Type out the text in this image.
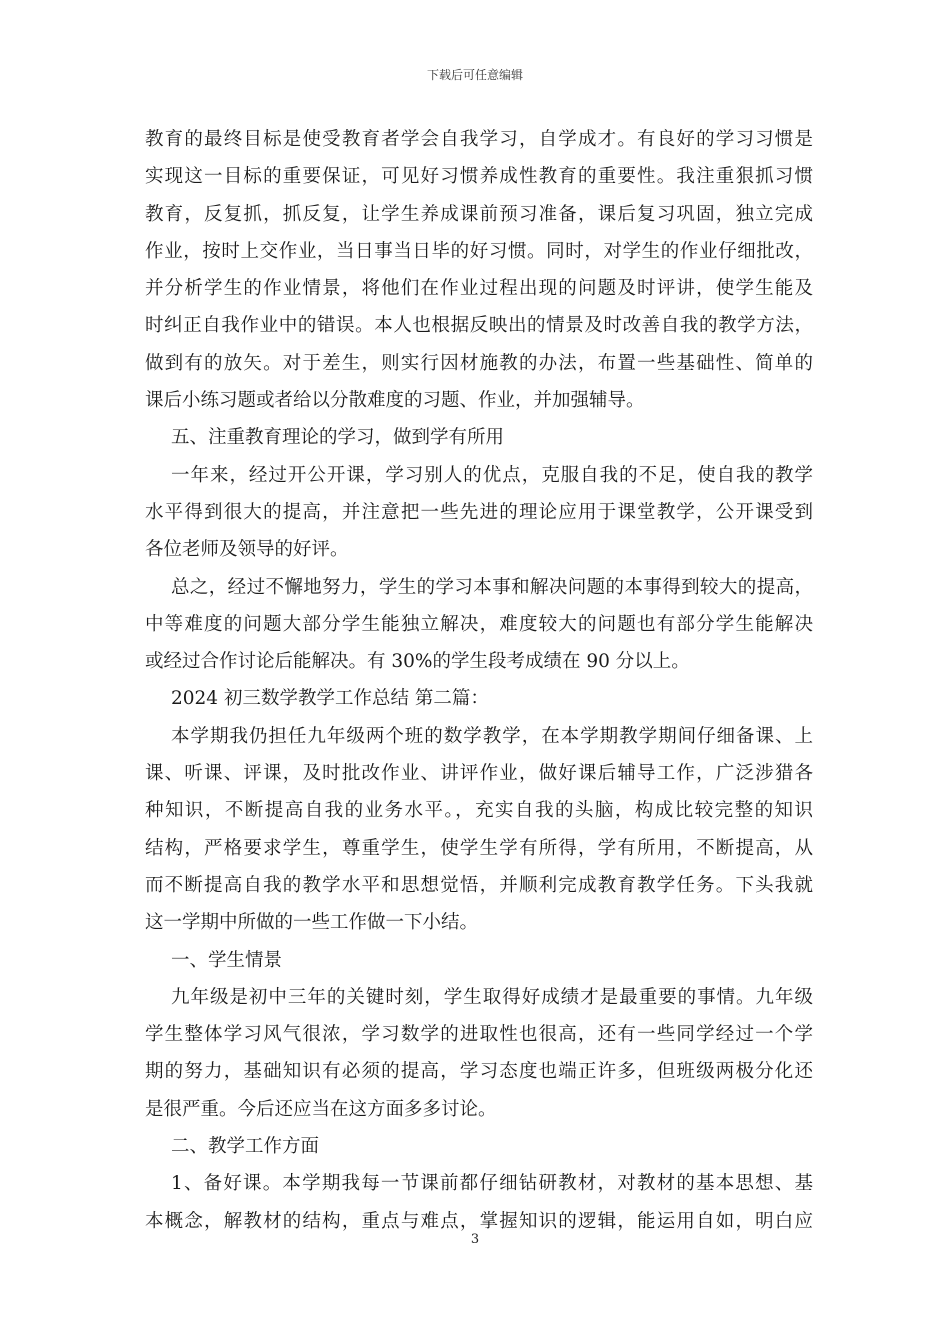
下载后可任意编辑
教育的最终目标是使受教育者学会自我学习，自学成才。有良好的学习习惯是
实现这一目标的重要保证，可见好习惯养成性教育的重要性。我注重狠抓习惯
教育，反复抓，抓反复，让学生养成课前预习准备，课后复习巩固，独立完成
作业，按时上交作业，当日事当日毕的好习惯。同时，对学生的作业仔细批改，
并分析学生的作业情景，将他们在作业过程出现的问题及时评讲，使学生能及
时纠正自我作业中的错误。本人也根据反映出的情景及时改善自我的教学方法，
做到有的放矢。对于差生，则实行因材施教的办法，布置一些基础性、简单的
课后小练习题或者给以分散难度的习题、作业，并加强辅导。
五、注重教育理论的学习，做到学有所用
一年来，经过开公开课，学习别人的优点，克服自我的不足，使自我的教学
水平得到很大的提高，并注意把一些先进的理论应用于课堂教学，公开课受到
各位老师及领导的好评。
总之，经过不懈地努力，学生的学习本事和解决问题的本事得到较大的提高，
中等难度的问题大部分学生能独立解决，难度较大的问题也有部分学生能解决
或经过合作讨论后能解决。有 30%的学生段考成绩在 90 分以上。
2024 初三数学教学工作总结 第二篇：
本学期我仍担任九年级两个班的数学教学，在本学期教学期间仔细备课、上
课、听课、评课，及时批改作业、讲评作业，做好课后辅导工作，广泛涉猎各
种知识，不断提高自我的业务水平。，充实自我的头脑，构成比较完整的知识
结构，严格要求学生，尊重学生，使学生学有所得，学有所用，不断提高，从
而不断提高自我的教学水平和思想觉悟，并顺利完成教育教学任务。下头我就
这一学期中所做的一些工作做一下小结。
一、学生情景
九年级是初中三年的关键时刻，学生取得好成绩才是最重要的事情。九年级
学生整体学习风气很浓，学习数学的进取性也很高，还有一些同学经过一个学
期的努力，基础知识有必须的提高，学习态度也端正许多，但班级两极分化还
是很严重。今后还应当在这方面多多讨论。
二、教学工作方面
1、备好课。本学期我每一节课前都仔细钻研教材，对教材的基本思想、基
本概念，解教材的结构，重点与难点，掌握知识的逻辑，能运用自如，明白应
3
